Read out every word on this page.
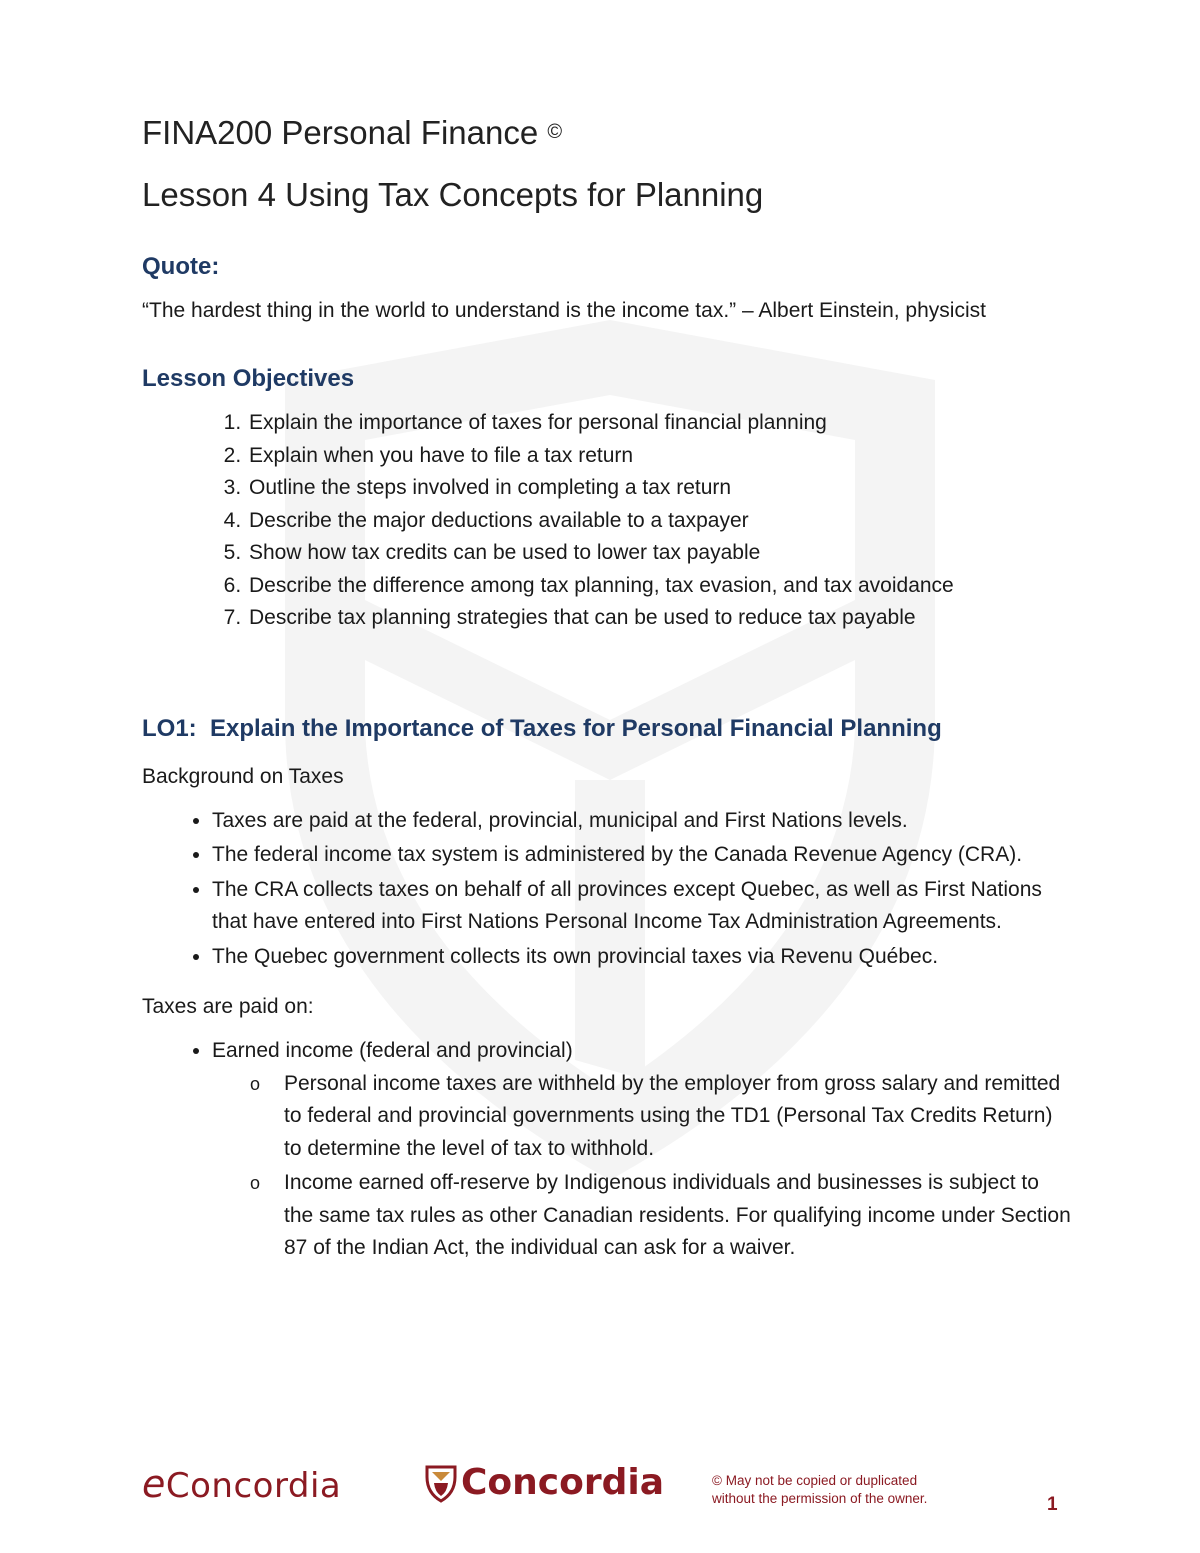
FINA200 Personal Finance ©
Lesson 4 Using Tax Concepts for Planning
Quote:

“The hardest thing in the world to understand is the income tax.” – Albert Einstein, physicist

Lesson Objectives
1. Explain the importance of taxes for personal financial planning
2. Explain when you have to file a tax return
3. Outline the steps involved in completing a tax return
4. Describe the major deductions available to a taxpayer
5. Show how tax credits can be used to lower tax payable
6. Describe the difference among tax planning, tax evasion, and tax avoidance
7. Describe tax planning strategies that can be used to reduce tax payable
LO1:  Explain the Importance of Taxes for Personal Financial Planning

Background on Taxes

• Taxes are paid at the federal, provincial, municipal and First Nations levels.
• The federal income tax system is administered by the Canada Revenue Agency (CRA).
• The CRA collects taxes on behalf of all provinces except Quebec, as well as First Nations that have entered into First Nations Personal Income Tax Administration Agreements.
• The Quebec government collects its own provincial taxes via Revenu Québec.

Taxes are paid on:

• Earned income (federal and provincial)
o Personal income taxes are withheld by the employer from gross salary and remitted to federal and provincial governments using the TD1 (Personal Tax Credits Return) to determine the level of tax to withhold.
o Income earned off-reserve by Indigenous individuals and businesses is subject to the same tax rules as other Canadian residents. For qualifying income under Section 87 of the Indian Act, the individual can ask for a waiver.
eConcordia	Concordia	© May not be copied or duplicated
without the permission of the owner.	1
